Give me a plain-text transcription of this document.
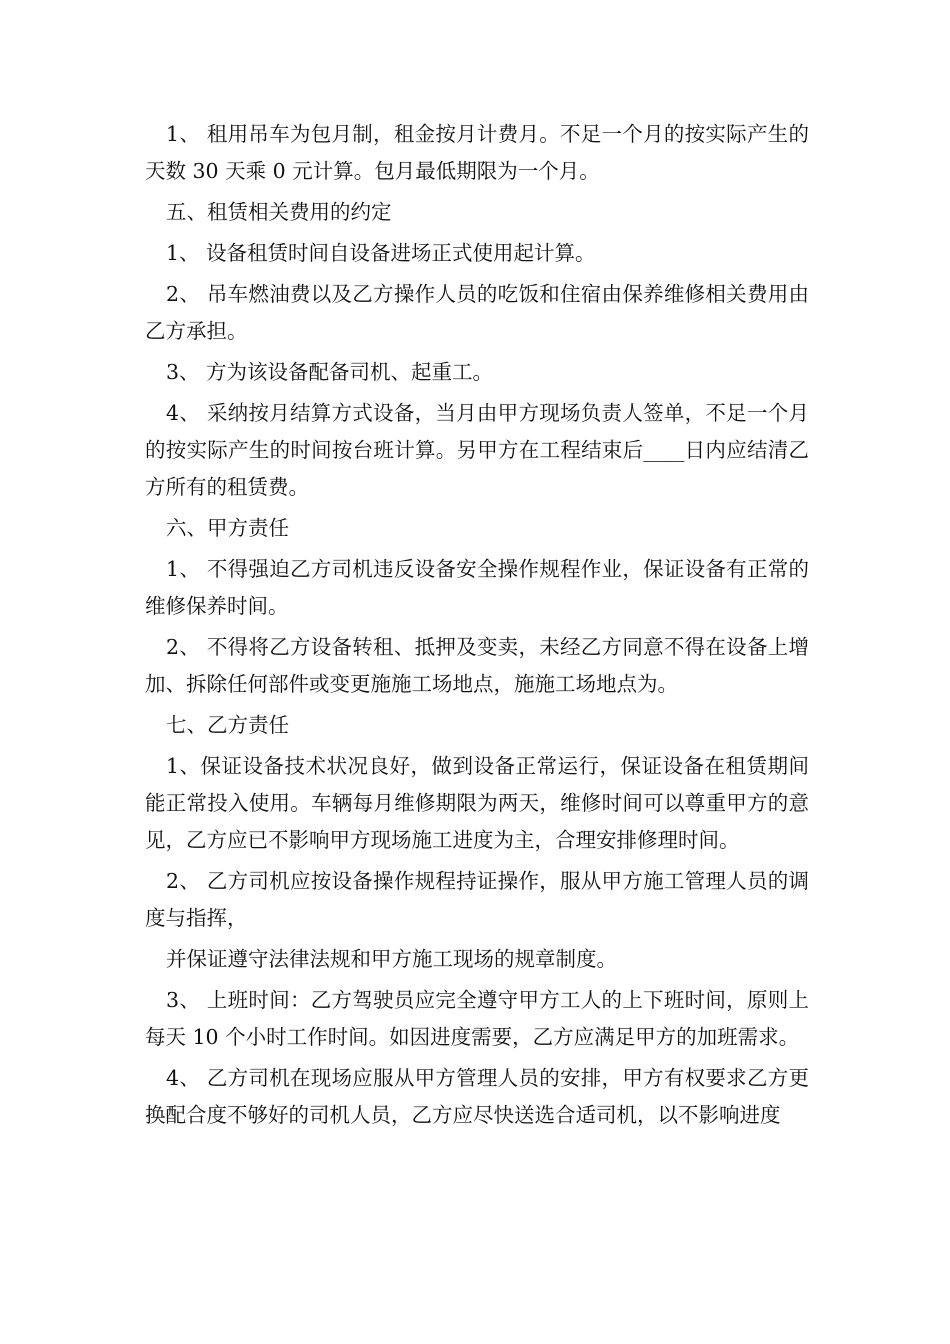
1、 租用吊车为包月制，租金按月计费月。不足一个月的按实际产生的天数 30 天乘 0 元计算。包月最低期限为一个月。

五、租赁相关费用的约定

1、 设备租赁时间自设备进场正式使用起计算。

2、 吊车燃油费以及乙方操作人员的吃饭和住宿由保养维修相关费用由乙方承担。

3、 方为该设备配备司机、起重工。

4、 采纳按月结算方式设备，当月由甲方现场负责人签单，不足一个月的按实际产生的时间按台班计算。另甲方在工程结束后____日内应结清乙方所有的租赁费。

六、甲方责任

1、 不得强迫乙方司机违反设备安全操作规程作业，保证设备有正常的维修保养时间。

2、 不得将乙方设备转租、抵押及变卖，未经乙方同意不得在设备上增加、拆除任何部件或变更施施工场地点，施施工场地点为。

七、乙方责任

1、保证设备技术状况良好，做到设备正常运行，保证设备在租赁期间能正常投入使用。车辆每月维修期限为两天，维修时间可以尊重甲方的意见，乙方应已不影响甲方现场施工进度为主，合理安排修理时间。

2、 乙方司机应按设备操作规程持证操作，服从甲方施工管理人员的调度与指挥，

并保证遵守法律法规和甲方施工现场的规章制度。

3、 上班时间：乙方驾驶员应完全遵守甲方工人的上下班时间，原则上每天 10 个小时工作时间。如因进度需要，乙方应满足甲方的加班需求。

4、 乙方司机在现场应服从甲方管理人员的安排，甲方有权要求乙方更换配合度不够好的司机人员，乙方应尽快送选合适司机，以不影响进度
